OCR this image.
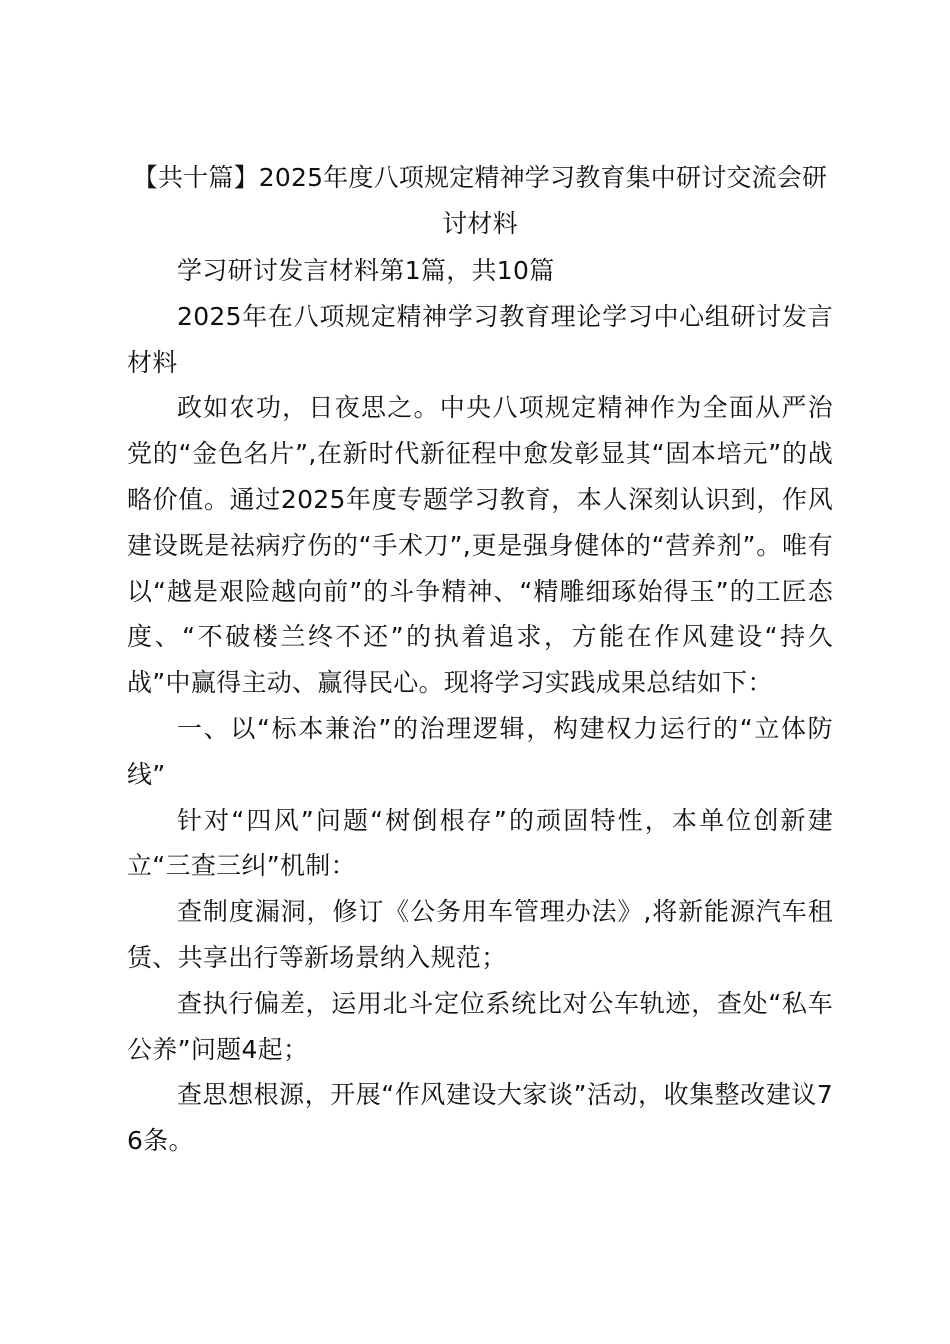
【共十篇】2025年度八项规定精神学习教育集中研讨交流会研讨材料

学习研讨发言材料第1篇，共10篇

2025年在八项规定精神学习教育理论学习中心组研讨发言材料

政如农功，日夜思之。中央八项规定精神作为全面从严治党的“金色名片”,在新时代新征程中愈发彰显其“固本培元”的战略价值。通过2025年度专题学习教育，本人深刻认识到，作风建设既是祛病疗伤的“手术刀”,更是强身健体的“营养剂”。唯有以“越是艰险越向前”的斗争精神、“精雕细琢始得玉”的工匠态度、“不破楼兰终不还”的执着追求，方能在作风建设“持久战”中赢得主动、赢得民心。现将学习实践成果总结如下：

一、以“标本兼治”的治理逻辑，构建权力运行的“立体防线”

针对“四风”问题“树倒根存”的顽固特性，本单位创新建立“三查三纠”机制：

查制度漏洞，修订《公务用车管理办法》,将新能源汽车租赁、共享出行等新场景纳入规范；

查执行偏差，运用北斗定位系统比对公车轨迹，查处“私车公养”问题4起；

查思想根源，开展“作风建设大家谈”活动，收集整改建议76条。
